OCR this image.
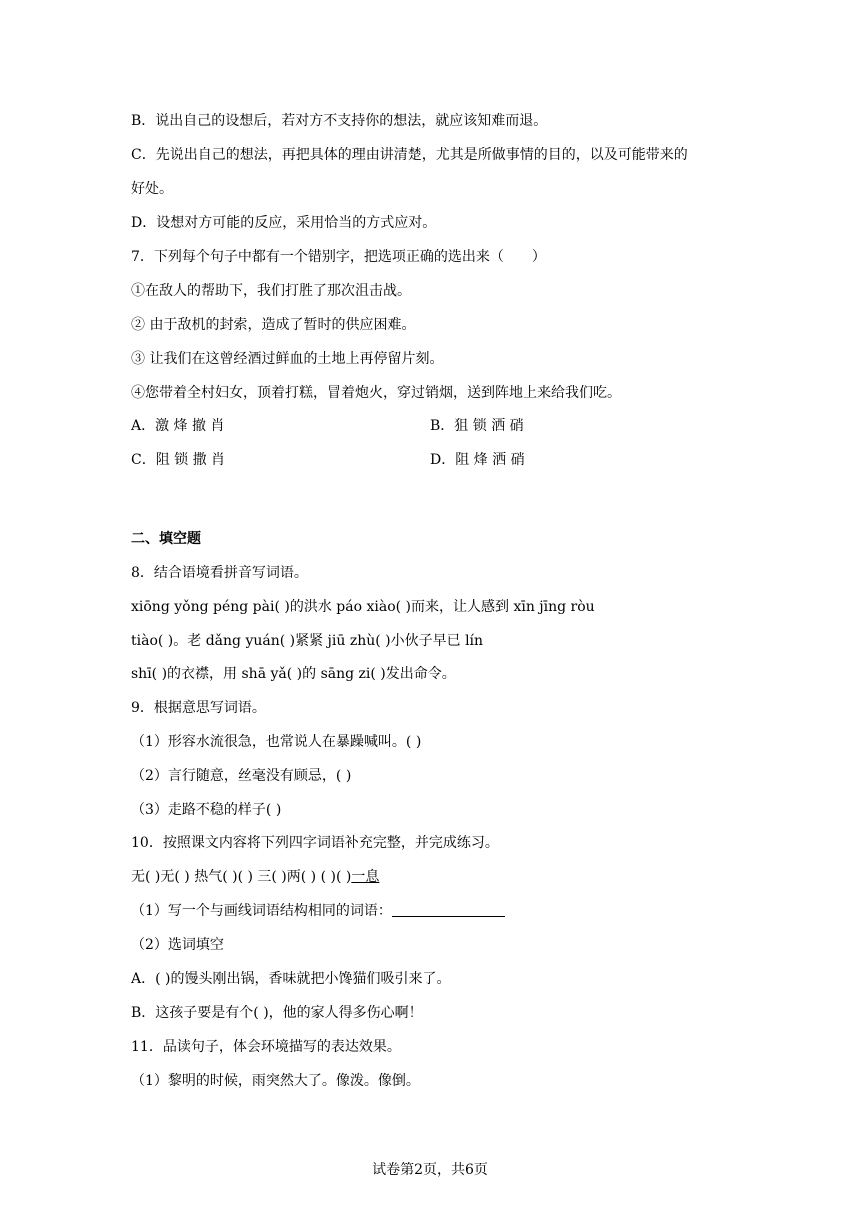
B．说出自己的设想后，若对方不支持你的想法，就应该知难而退。
C．先说出自己的想法，再把具体的理由讲清楚，尤其是所做事情的目的，以及可能带来的
好处。
D．设想对方可能的反应，采用恰当的方式应对。
7．下列每个句子中都有一个错别字，把选项正确的选出来（　　）
①在敌人的帮助下，我们打胜了那次沮击战。
② 由于敌机的封索，造成了暂时的供应困难。
③ 让我们在这曾经酒过鲜血的土地上再停留片刻。
④您带着全村妇女，顶着打糕，冒着炮火，穿过销烟，送到阵地上来给我们吃。
A．激 烽 撤 肖	B．狙 锁 洒 硝
C．阻 锁 撒 肖	D．阻 烽 洒 硝
二、填空题
8．结合语境看拼音写词语。
xiōng yǒng péng pài( )的洪水 páo xiào( )而来，让人感到 xīn jīng ròu
tiào( )。老 dǎng yuán( )紧紧 jiū zhù( )小伙子早已 lín
shī( )的衣襟，用 shā yǎ( )的 sāng zi( )发出命令。
9．根据意思写词语。
（1）形容水流很急，也常说人在暴躁喊叫。( )
（2）言行随意，丝毫没有顾忌，( )
（3）走路不稳的样子( )
10．按照课文内容将下列四字词语补充完整，并完成练习。
无( )无( ) 热气( )( ) 三( )两( ) ( )( )一息
（1）写一个与画线词语结构相同的词语：
（2）选词填空
A．( )的馒头刚出锅，香味就把小馋猫们吸引来了。
B．这孩子要是有个( )，他的家人得多伤心啊！
11．品读句子，体会环境描写的表达效果。
（1）黎明的时候，雨突然大了。像泼。像倒。
试卷第2页，共6页
